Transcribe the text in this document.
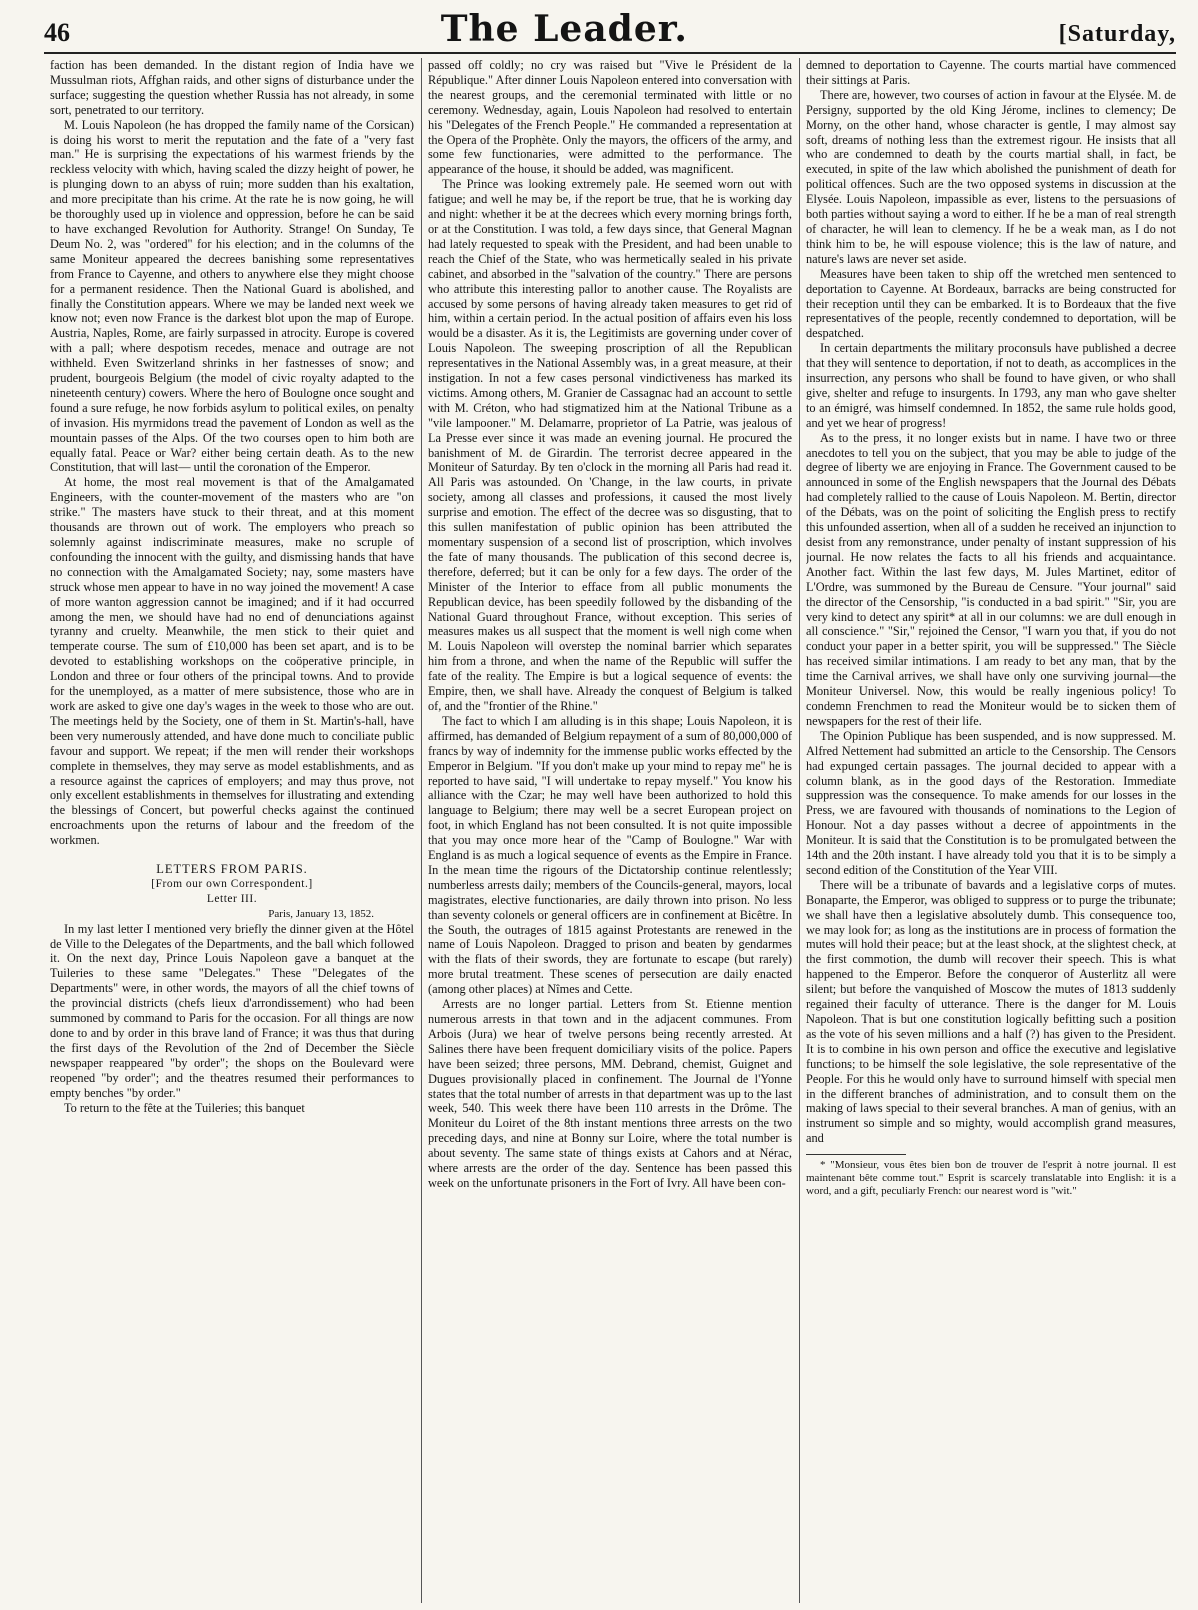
46	The Leader.	[Saturday,

faction has been demanded. In the distant region of India have we Mussulman riots, Affghan raids, and other signs of disturbance under the surface; suggesting the question whether Russia has not already, in some sort, penetrated to our territory.

M. Louis Napoleon (he has dropped the family name of the Corsican) is doing his worst to merit the reputation and the fate of a "very fast man." He is surprising the expectations of his warmest friends by the reckless velocity with which, having scaled the dizzy height of power, he is plunging down to an abyss of ruin; more sudden than his exaltation, and more precipitate than his crime. At the rate he is now going, he will be thoroughly used up in violence and oppression, before he can be said to have exchanged Revolution for Authority. Strange! On Sunday, Te Deum No. 2, was "ordered" for his election; and in the columns of the same Moniteur appeared the decrees banishing some representatives from France to Cayenne, and others to anywhere else they might choose for a permanent residence. Then the National Guard is abolished, and finally the Constitution appears. Where we may be landed next week we know not; even now France is the darkest blot upon the map of Europe. Austria, Naples, Rome, are fairly surpassed in atrocity. Europe is covered with a pall; where despotism recedes, menace and outrage are not withheld. Even Switzerland shrinks in her fastnesses of snow; and prudent, bourgeois Belgium (the model of civic royalty adapted to the nineteenth century) cowers. Where the hero of Boulogne once sought and found a sure refuge, he now forbids asylum to political exiles, on penalty of invasion. His myrmidons tread the pavement of London as well as the mountain passes of the Alps. Of the two courses open to him both are equally fatal. Peace or War? either being certain death. As to the new Constitution, that will last— until the coronation of the Emperor.

At home, the most real movement is that of the Amalgamated Engineers, with the counter-movement of the masters who are "on strike." The masters have stuck to their threat, and at this moment thousands are thrown out of work. The employers who preach so solemnly against indiscriminate measures, make no scruple of confounding the innocent with the guilty, and dismissing hands that have no connection with the Amalgamated Society; nay, some masters have struck whose men appear to have in no way joined the movement! A case of more wanton aggression cannot be imagined; and if it had occurred among the men, we should have had no end of denunciations against tyranny and cruelty. Meanwhile, the men stick to their quiet and temperate course. The sum of £10,000 has been set apart, and is to be devoted to establishing workshops on the coöperative principle, in London and three or four others of the principal towns. And to provide for the unemployed, as a matter of mere subsistence, those who are in work are asked to give one day's wages in the week to those who are out. The meetings held by the Society, one of them in St. Martin's-hall, have been very numerously attended, and have done much to conciliate public favour and support. We repeat; if the men will render their workshops complete in themselves, they may serve as model establishments, and as a resource against the caprices of employers; and may thus prove, not only excellent establishments in themselves for illustrating and extending the blessings of Concert, but powerful checks against the continued encroachments upon the returns of labour and the freedom of the workmen.

LETTERS FROM PARIS.
[From our own Correspondent.]
Letter III.
Paris, January 13, 1852.

In my last letter I mentioned very briefly the dinner given at the Hôtel de Ville to the Delegates of the Departments, and the ball which followed it. On the next day, Prince Louis Napoleon gave a banquet at the Tuileries to these same "Delegates." These "Delegates of the Departments" were, in other words, the mayors of all the chief towns of the provincial districts (chefs lieux d'arrondissement) who had been summoned by command to Paris for the occasion. For all things are now done to and by order in this brave land of France; it was thus that during the first days of the Revolution of the 2nd of December the Siècle newspaper reappeared "by order"; the shops on the Boulevard were reopened "by order"; and the theatres resumed their performances to empty benches "by order."

To return to the fête at the Tuileries; this banquet

passed off coldly; no cry was raised but "Vive le Président de la République." After dinner Louis Napoleon entered into conversation with the nearest groups, and the ceremonial terminated with little or no ceremony. Wednesday, again, Louis Napoleon had resolved to entertain his "Delegates of the French People." He commanded a representation at the Opera of the Prophète. Only the mayors, the officers of the army, and some few functionaries, were admitted to the performance. The appearance of the house, it should be added, was magnificent.

The Prince was looking extremely pale. He seemed worn out with fatigue; and well he may be, if the report be true, that he is working day and night: whether it be at the decrees which every morning brings forth, or at the Constitution. I was told, a few days since, that General Magnan had lately requested to speak with the President, and had been unable to reach the Chief of the State, who was hermetically sealed in his private cabinet, and absorbed in the "salvation of the country." There are persons who attribute this interesting pallor to another cause. The Royalists are accused by some persons of having already taken measures to get rid of him, within a certain period. In the actual position of affairs even his loss would be a disaster. As it is, the Legitimists are governing under cover of Louis Napoleon. The sweeping proscription of all the Republican representatives in the National Assembly was, in a great measure, at their instigation. In not a few cases personal vindictiveness has marked its victims. Among others, M. Granier de Cassagnac had an account to settle with M. Créton, who had stigmatized him at the National Tribune as a "vile lampooner." M. Delamarre, proprietor of La Patrie, was jealous of La Presse ever since it was made an evening journal. He procured the banishment of M. de Girardin. The terrorist decree appeared in the Moniteur of Saturday. By ten o'clock in the morning all Paris had read it. All Paris was astounded. On 'Change, in the law courts, in private society, among all classes and professions, it caused the most lively surprise and emotion. The effect of the decree was so disgusting, that to this sullen manifestation of public opinion has been attributed the momentary suspension of a second list of proscription, which involves the fate of many thousands. The publication of this second decree is, therefore, deferred; but it can be only for a few days. The order of the Minister of the Interior to efface from all public monuments the Republican device, has been speedily followed by the disbanding of the National Guard throughout France, without exception. This series of measures makes us all suspect that the moment is well nigh come when M. Louis Napoleon will overstep the nominal barrier which separates him from a throne, and when the name of the Republic will suffer the fate of the reality. The Empire is but a logical sequence of events: the Empire, then, we shall have. Already the conquest of Belgium is talked of, and the "frontier of the Rhine."

The fact to which I am alluding is in this shape; Louis Napoleon, it is affirmed, has demanded of Belgium repayment of a sum of 80,000,000 of francs by way of indemnity for the immense public works effected by the Emperor in Belgium. "If you don't make up your mind to repay me" he is reported to have said, "I will undertake to repay myself." You know his alliance with the Czar; he may well have been authorized to hold this language to Belgium; there may well be a secret European project on foot, in which England has not been consulted. It is not quite impossible that you may once more hear of the "Camp of Boulogne." War with England is as much a logical sequence of events as the Empire in France. In the mean time the rigours of the Dictatorship continue relentlessly; numberless arrests daily; members of the Councils-general, mayors, local magistrates, elective functionaries, are daily thrown into prison. No less than seventy colonels or general officers are in confinement at Bicêtre. In the South, the outrages of 1815 against Protestants are renewed in the name of Louis Napoleon. Dragged to prison and beaten by gendarmes with the flats of their swords, they are fortunate to escape (but rarely) more brutal treatment. These scenes of persecution are daily enacted (among other places) at Nîmes and Cette.

Arrests are no longer partial. Letters from St. Etienne mention numerous arrests in that town and in the adjacent communes. From Arbois (Jura) we hear of twelve persons being recently arrested. At Salines there have been frequent domiciliary visits of the police. Papers have been seized; three persons, MM. Debrand, chemist, Guignet and Dugues provisionally placed in confinement. The Journal de l'Yonne states that the total number of arrests in that department was up to the last week, 540. This week there have been 110 arrests in the Drôme. The Moniteur du Loiret of the 8th instant mentions three arrests on the two preceding days, and nine at Bonny sur Loire, where the total number is about seventy. The same state of things exists at Cahors and at Nérac, where arrests are the order of the day. Sentence has been passed this week on the unfortunate prisoners in the Fort of Ivry. All have been con-

demned to deportation to Cayenne. The courts martial have commenced their sittings at Paris.

There are, however, two courses of action in favour at the Elysée. M. de Persigny, supported by the old King Jérome, inclines to clemency; De Morny, on the other hand, whose character is gentle, I may almost say soft, dreams of nothing less than the extremest rigour. He insists that all who are condemned to death by the courts martial shall, in fact, be executed, in spite of the law which abolished the punishment of death for political offences. Such are the two opposed systems in discussion at the Elysée. Louis Napoleon, impassible as ever, listens to the persuasions of both parties without saying a word to either. If he be a man of real strength of character, he will lean to clemency. If he be a weak man, as I do not think him to be, he will espouse violence; this is the law of nature, and nature's laws are never set aside.

Measures have been taken to ship off the wretched men sentenced to deportation to Cayenne. At Bordeaux, barracks are being constructed for their reception until they can be embarked. It is to Bordeaux that the five representatives of the people, recently condemned to deportation, will be despatched.

In certain departments the military proconsuls have published a decree that they will sentence to deportation, if not to death, as accomplices in the insurrection, any persons who shall be found to have given, or who shall give, shelter and refuge to insurgents. In 1793, any man who gave shelter to an émigré, was himself condemned. In 1852, the same rule holds good, and yet we hear of progress!

As to the press, it no longer exists but in name. I have two or three anecdotes to tell you on the subject, that you may be able to judge of the degree of liberty we are enjoying in France. The Government caused to be announced in some of the English newspapers that the Journal des Débats had completely rallied to the cause of Louis Napoleon. M. Bertin, director of the Débats, was on the point of soliciting the English press to rectify this unfounded assertion, when all of a sudden he received an injunction to desist from any remonstrance, under penalty of instant suppression of his journal. He now relates the facts to all his friends and acquaintance. Another fact. Within the last few days, M. Jules Martinet, editor of L'Ordre, was summoned by the Bureau de Censure. "Your journal" said the director of the Censorship, "is conducted in a bad spirit." "Sir, you are very kind to detect any spirit* at all in our columns: we are dull enough in all conscience." "Sir," rejoined the Censor, "I warn you that, if you do not conduct your paper in a better spirit, you will be suppressed." The Siècle has received similar intimations. I am ready to bet any man, that by the time the Carnival arrives, we shall have only one surviving journal—the Moniteur Universel. Now, this would be really ingenious policy! To condemn Frenchmen to read the Moniteur would be to sicken them of newspapers for the rest of their life.

The Opinion Publique has been suspended, and is now suppressed. M. Alfred Nettement had submitted an article to the Censorship. The Censors had expunged certain passages. The journal decided to appear with a column blank, as in the good days of the Restoration. Immediate suppression was the consequence. To make amends for our losses in the Press, we are favoured with thousands of nominations to the Legion of Honour. Not a day passes without a decree of appointments in the Moniteur. It is said that the Constitution is to be promulgated between the 14th and the 20th instant. I have already told you that it is to be simply a second edition of the Constitution of the Year VIII.

There will be a tribunate of bavards and a legislative corps of mutes. Bonaparte, the Emperor, was obliged to suppress or to purge the tribunate; we shall have then a legislative absolutely dumb. This consequence too, we may look for; as long as the institutions are in process of formation the mutes will hold their peace; but at the least shock, at the slightest check, at the first commotion, the dumb will recover their speech. This is what happened to the Emperor. Before the conqueror of Austerlitz all were silent; but before the vanquished of Moscow the mutes of 1813 suddenly regained their faculty of utterance. There is the danger for M. Louis Napoleon. That is but one constitution logically befitting such a position as the vote of his seven millions and a half (?) has given to the President. It is to combine in his own person and office the executive and legislative functions; to be himself the sole legislative, the sole representative of the People. For this he would only have to surround himself with special men in the different branches of administration, and to consult them on the making of laws special to their several branches. A man of genius, with an instrument so simple and so mighty, would accomplish grand measures, and

* "Monsieur, vous êtes bien bon de trouver de l'esprit à notre journal. Il est maintenant bête comme tout." Esprit is scarcely translatable into English: it is a word, and a gift, peculiarly French: our nearest word is "wit."
